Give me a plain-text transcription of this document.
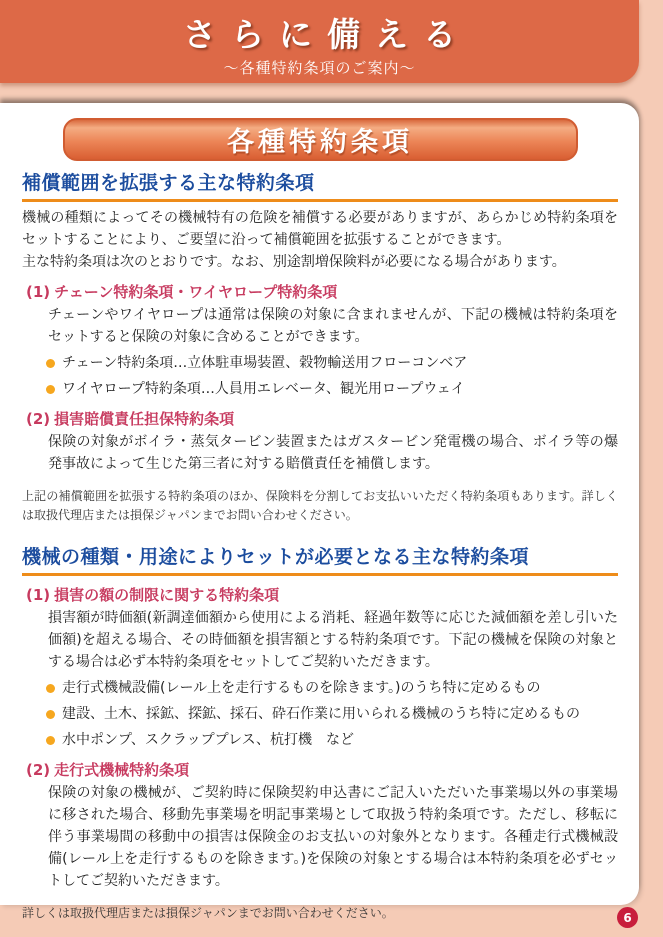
さらに備える
～各種特約条項のご案内～
各種特約条項
補償範囲を拡張する主な特約条項

機械の種類によってその機械特有の危険を補償する必要がありますが、あらかじめ特約条項をセットすることにより、ご要望に沿って補償範囲を拡張することができます。

主な特約条項は次のとおりです。なお、別途割増保険料が必要になる場合があります。

(1) チェーン特約条項・ワイヤロープ特約条項

チェーンやワイヤロープは通常は保険の対象に含まれませんが、下記の機械は特約条項をセットすると保険の対象に含めることができます。

チェーン特約条項…立体駐車場装置、穀物輸送用フローコンベア
ワイヤロープ特約条項…人員用エレベータ、観光用ロープウェイ
(2) 損害賠償責任担保特約条項

保険の対象がボイラ・蒸気タービン装置またはガスタービン発電機の場合、ボイラ等の爆発事故によって生じた第三者に対する賠償責任を補償します。

上記の補償範囲を拡張する特約条項のほか、保険料を分割してお支払いいただく特約条項もあります。詳しくは取扱代理店または損保ジャパンまでお問い合わせください。

機械の種類・用途によりセットが必要となる主な特約条項
(1) 損害の額の制限に関する特約条項

損害額が時価額(新調達価額から使用による消耗、経過年数等に応じた減価額を差し引いた価額)を超える場合、その時価額を損害額とする特約条項です。下記の機械を保険の対象とする場合は必ず本特約条項をセットしてご契約いただきます。

走行式機械設備(レール上を走行するものを除きます。)のうち特に定めるもの
建設、土木、採鉱、探鉱、採石、砕石作業に用いられる機械のうち特に定めるもの
水中ポンプ、スクラッププレス、杭打機　など
(2) 走行式機械特約条項

保険の対象の機械が、ご契約時に保険契約申込書にご記入いただいた事業場以外の事業場に移された場合、移動先事業場を明記事業場として取扱う特約条項です。ただし、移転に伴う事業場間の移動中の損害は保険金のお支払いの対象外となります。各種走行式機械設備(レール上を走行するものを除きます。)を保険の対象とする場合は本特約条項を必ずセットしてご契約いただきます。

詳しくは取扱代理店または損保ジャパンまでお問い合わせください。	6
